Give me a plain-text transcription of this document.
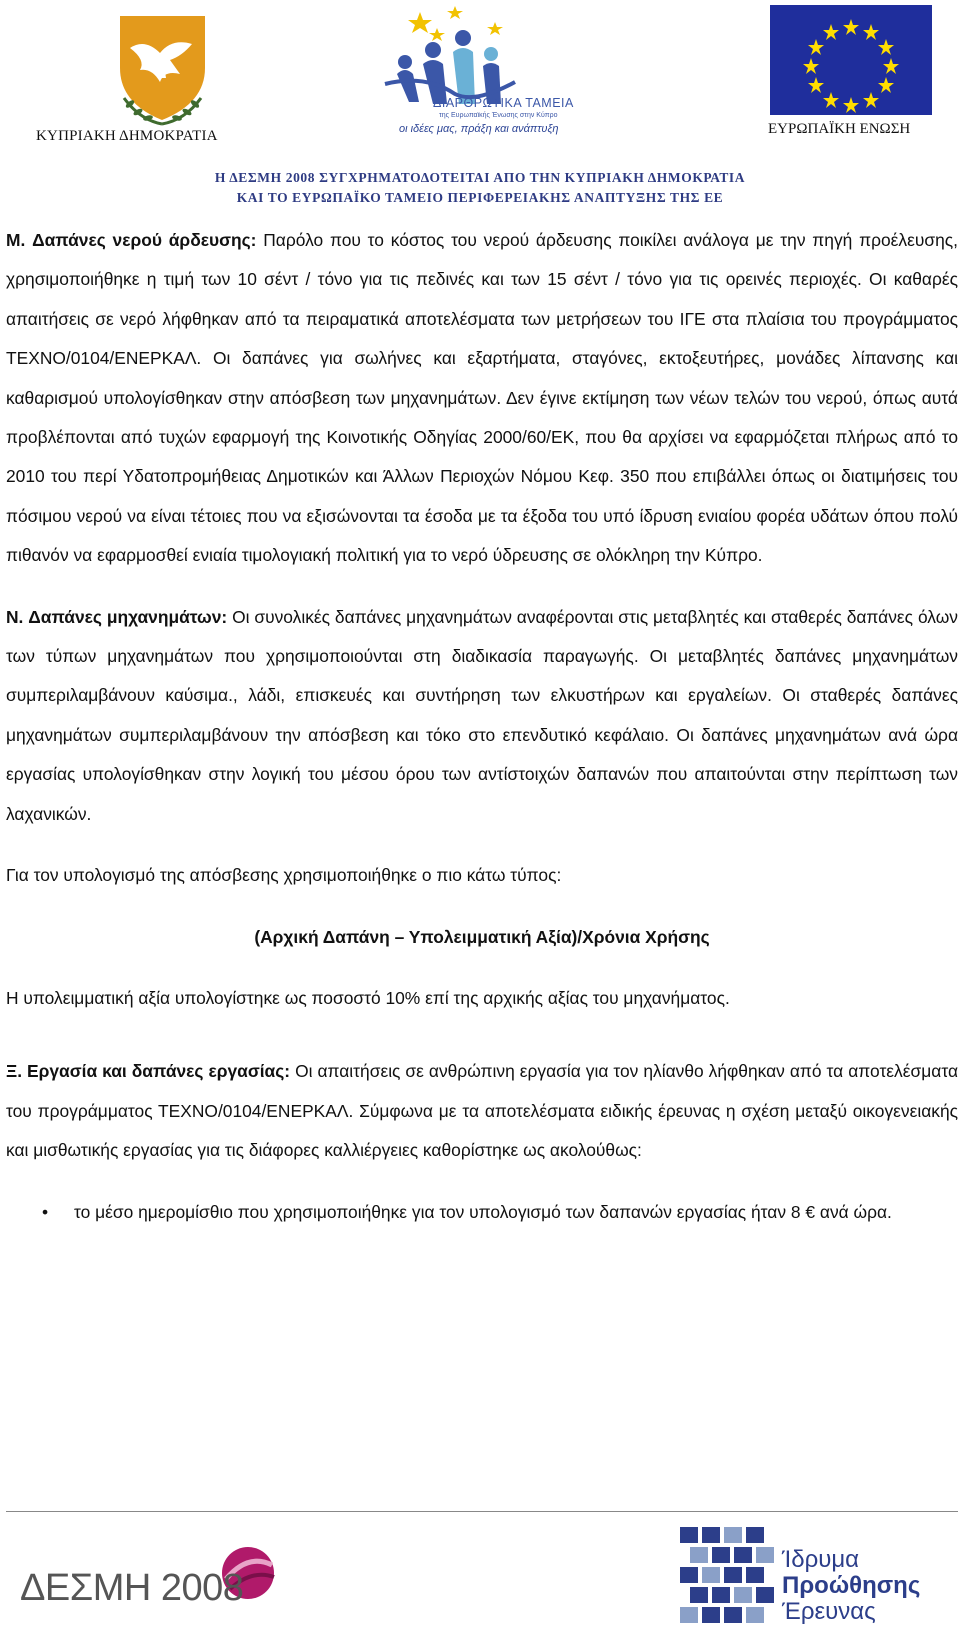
ΚΥΠΡΙΑΚΗ ΔΗΜΟΚΡΑΤΙΑ
ΔΙΑΡΘΡΩΤΙΚΑ ΤΑΜΕΙΑ
της Ευρωπαϊκής Ένωσης στην Κύπρο
οι ιδέες μας, πράξη και ανάπτυξη	ΕΥΡΩΠΑΪΚΗ ΕΝΩΣΗ
Η ΔΕΣΜΗ 2008 ΣΥΓΧΡΗΜΑΤΟΔΟΤΕΙΤΑΙ ΑΠΟ ΤΗΝ ΚΥΠΡΙΑΚΗ ΔΗΜΟΚΡΑΤΙΑ
ΚΑΙ ΤΟ ΕΥΡΩΠΑΪΚΟ ΤΑΜΕΙΟ ΠΕΡΙΦΕΡΕΙΑΚΗΣ ΑΝΑΠΤΥΞΗΣ ΤΗΣ ΕΕ

M. Δαπάνες νερού άρδευσης: Παρόλο που το κόστος του νερού άρδευσης ποικίλει ανάλογα με την πηγή προέλευσης, χρησιμοποιήθηκε η τιμή των 10 σέντ / τόνο για τις πεδινές και των 15 σέντ / τόνο για τις ορεινές περιοχές. Οι καθαρές απαιτήσεις σε νερό λήφθηκαν από τα πειραματικά αποτελέσματα των μετρήσεων του ΙΓΕ στα πλαίσια του προγράμματος ΤΕΧΝΟ/0104/ΕΝΕΡΚΑΛ. Οι δαπάνες για σωλήνες και εξαρτήματα, σταγόνες, εκτοξευτήρες, μονάδες λίπανσης και καθαρισμού υπολογίσθηκαν στην απόσβεση των μηχανημάτων. Δεν έγινε εκτίμηση των νέων τελών του νερού, όπως αυτά προβλέπονται από τυχών εφαρμογή της Κοινοτικής Οδηγίας 2000/60/ΕΚ, που θα αρχίσει να εφαρμόζεται πλήρως από το 2010 του περί Υδατοπρομήθειας Δημοτικών και Άλλων Περιοχών Νόμου Κεφ. 350 που επιβάλλει όπως οι διατιμήσεις του πόσιμου νερού να είναι τέτοιες που να εξισώνονται τα έσοδα με τα έξοδα του υπό ίδρυση ενιαίου φορέα υδάτων όπου πολύ πιθανόν να εφαρμοσθεί ενιαία τιμολογιακή πολιτική για το νερό ύδρευσης σε ολόκληρη την Κύπρο.

N. Δαπάνες μηχανημάτων: Οι συνολικές δαπάνες μηχανημάτων αναφέρονται στις μεταβλητές και σταθερές δαπάνες όλων των τύπων μηχανημάτων που χρησιμοποιούνται στη διαδικασία παραγωγής. Οι μεταβλητές δαπάνες μηχανημάτων συμπεριλαμβάνουν καύσιμα., λάδι, επισκευές και συντήρηση των ελκυστήρων και εργαλείων. Οι σταθερές δαπάνες μηχανημάτων συμπεριλαμβάνουν την απόσβεση και τόκο στο επενδυτικό κεφάλαιο. Οι δαπάνες μηχανημάτων ανά ώρα εργασίας υπολογίσθηκαν στην λογική του μέσου όρου των αντίστοιχών δαπανών που απαιτούνται στην περίπτωση των λαχανικών.

Για τον υπολογισμό της απόσβεσης χρησιμοποιήθηκε ο πιο κάτω τύπος:

(Αρχική Δαπάνη – Υπολειμματική Αξία)/Χρόνια Χρήσης

Η υπολειμματική αξία υπολογίστηκε ως ποσοστό 10% επί της αρχικής αξίας του μηχανήματος.

Ξ. Εργασία και δαπάνες εργασίας: Οι απαιτήσεις σε ανθρώπινη εργασία για τον ηλίανθο λήφθηκαν από τα αποτελέσματα του προγράμματος ΤΕΧΝΟ/0104/ΕΝΕΡΚΑΛ. Σύμφωνα με τα αποτελέσματα ειδικής έρευνας η σχέση μεταξύ οικογενειακής και μισθωτικής εργασίας για τις διάφορες καλλιέργειες καθορίστηκε ως ακολούθως:

• το μέσο ημερομίσθιο που χρησιμοποιήθηκε για τον υπολογισμό των δαπανών εργασίας ήταν 8 € ανά ώρα.

ΔΕΣΜΗ 2008
Ίδρυμα
Προώθησης
Έρευνας
